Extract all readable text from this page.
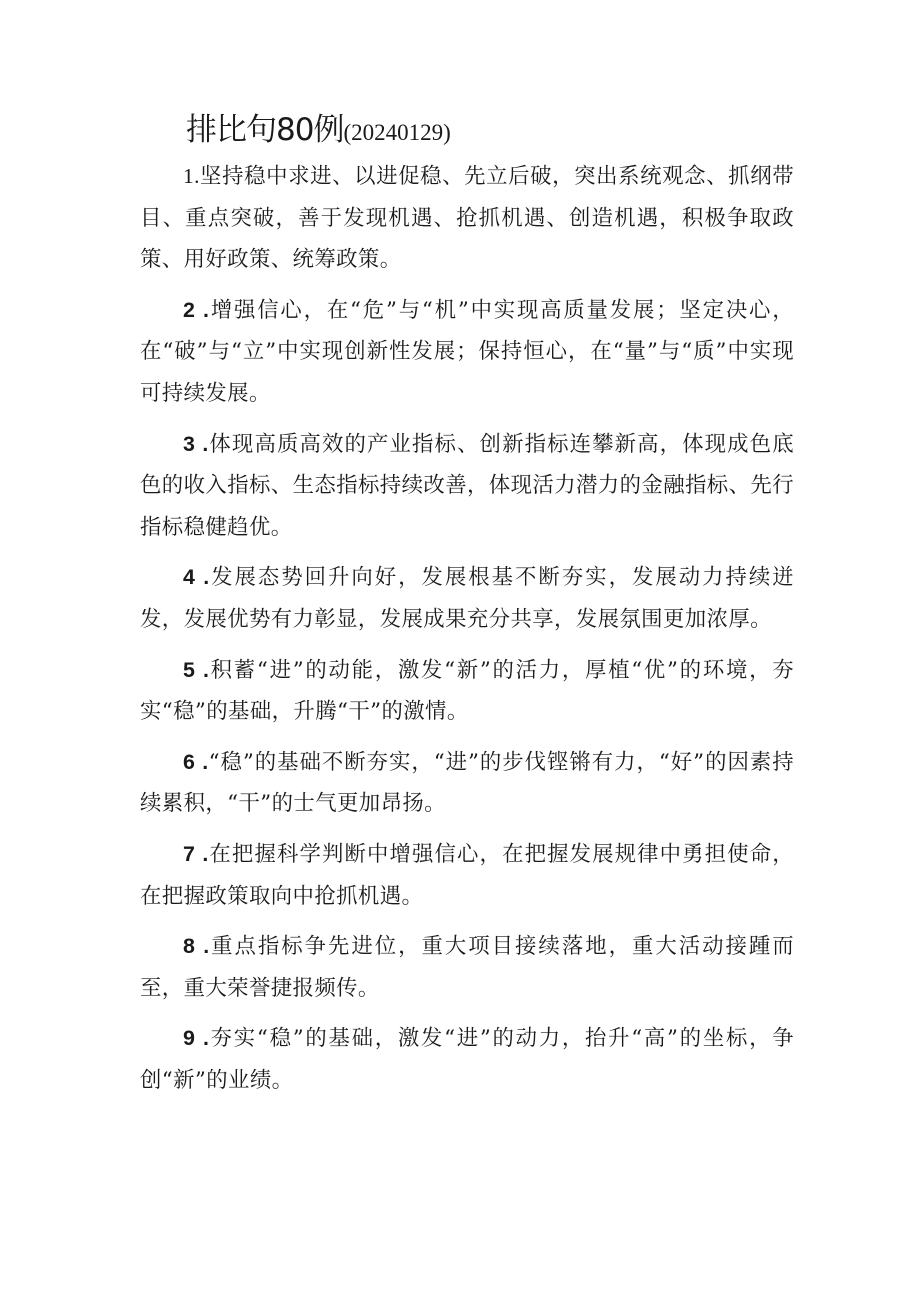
排比句80例(20240129)

1.坚持稳中求进、以进促稳、先立后破，突出系统观念、抓纲带目、重点突破，善于发现机遇、抢抓机遇、创造机遇，积极争取政策、用好政策、统筹政策。

2 .增强信心，在“危”与“机”中实现高质量发展；坚定决心，在“破”与“立”中实现创新性发展；保持恒心，在“量”与“质”中实现可持续发展。

3 .体现高质高效的产业指标、创新指标连攀新高，体现成色底色的收入指标、生态指标持续改善，体现活力潜力的金融指标、先行指标稳健趋优。

4 .发展态势回升向好，发展根基不断夯实，发展动力持续迸发，发展优势有力彰显，发展成果充分共享，发展氛围更加浓厚。

5 .积蓄“进”的动能，激发“新”的活力，厚植“优”的环境，夯实“稳”的基础，升腾“干”的激情。

6 .“稳”的基础不断夯实，“进”的步伐铿锵有力，“好”的因素持续累积，“干”的士气更加昂扬。

7 .在把握科学判断中增强信心，在把握发展规律中勇担使命，在把握政策取向中抢抓机遇。

8 .重点指标争先进位，重大项目接续落地，重大活动接踵而至，重大荣誉捷报频传。

9 .夯实“稳”的基础，激发“进”的动力，抬升“高”的坐标，争创“新”的业绩。
